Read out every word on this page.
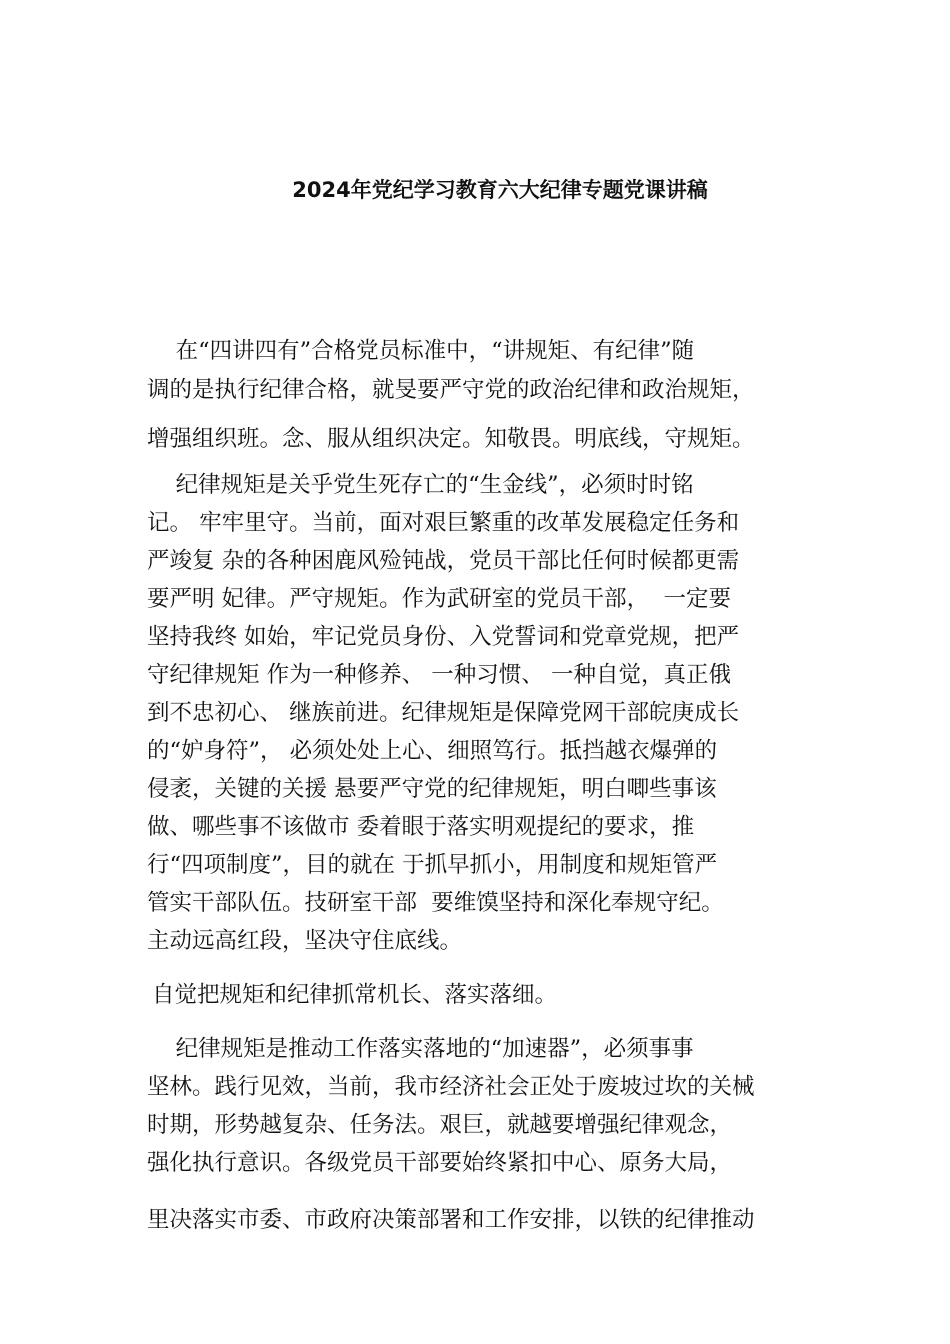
2024年党纪学习教育六大纪律专题党课讲稿

在“四讲四有”合格党员标准中，“讲规矩、有纪律”随

调的是执行纪律合格，就旻要严守党的政治纪律和政治规矩，

增强组织班。念、服从组织决定。知敬畏。明底线，守规矩。

纪律规矩是关乎党生死存亡的“生金线”，必须时时铭

记。 牢牢里守。当前，面对艰巨繁重的改革发展稳定任务和

严竣复 杂的各种困鹿风殓钝战，党员干部比任何时候都更需

要严明 妃律。严守规矩。作为武研室的党员干部，  一定要

坚持我终 如始，牢记党员身份、入党誓词和党章党规，把严

守纪律规矩 作为一种修养、 一种习惯、 一种自觉，真正俄

到不忠初心、 继族前进。纪律规矩是保障党网干部皖庚成长

的“妒身符”， 必须处处上心、细照笃行。抵挡越衣爆弹的

侵袤，关键的关援 悬要严守党的纪律规矩，明白唧些事该

做、哪些事不该做市 委着眼于落实明观提纪的要求，推

行“四项制度”，目的就在 于抓早抓小，用制度和规矩管严

管实干部队伍。技研室干部  要维馍坚持和深化奉规守纪。

主动远高红段，坚决守住底线。

自觉把规矩和纪律抓常机长、落实落细。

纪律规矩是推动工作落实落地的“加速器”，必须事事

坚林。践行见效，当前，我市经济社会正处于废坡过坎的关械

时期，形势越复杂、任务法。艰巨，就越要增强纪律观念，

强化执行意识。各级党员干部要始终紧扣中心、原务大局，

里决落实市委、市政府决策部署和工作安排，以铁的纪律推动
